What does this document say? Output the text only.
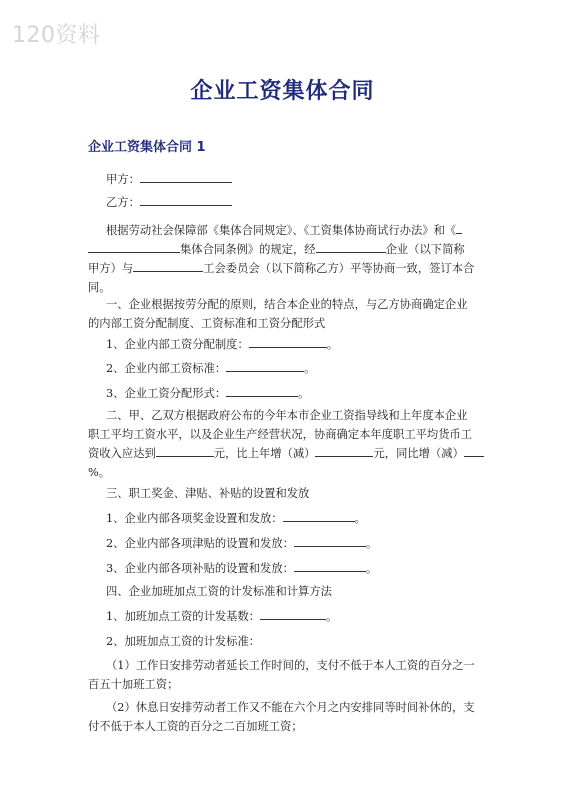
120资料
企业工资集体合同
企业工资集体合同 1
甲方：
乙方：
根据劳动社会保障部《集体合同规定》、《工资集体协商试行办法》和《
集体合同条例》的规定，经	企业（以下简称
甲方）与	工会委员会（以下简称乙方）平等协商一致，签订本合
同。
一、企业根据按劳分配的原则，结合本企业的特点，与乙方协商确定企业
的内部工资分配制度、工资标准和工资分配形式
1、企业内部工资分配制度：	。
2、企业内部工资标准：	。
3、企业工资分配形式：	。
二、甲、乙双方根据政府公布的今年本市企业工资指导线和上年度本企业
职工平均工资水平，以及企业生产经营状况，协商确定本年度职工平均货币工
资收入应达到	元，比上年增（减）	元，同比增（减）
%。
三、职工奖金、津贴、补贴的设置和发放
1、企业内部各项奖金设置和发放：	。
2、企业内部各项津贴的设置和发放：	。
3、企业内部各项补贴的设置和发放：	。
四、企业加班加点工资的计发标准和计算方法
1、加班加点工资的计发基数：	。
2、加班加点工资的计发标准：
（1）工作日安排劳动者延长工作时间的，支付不低于本人工资的百分之一
百五十加班工资；
（2）休息日安排劳动者工作又不能在六个月之内安排同等时间补休的，支
付不低于本人工资的百分之二百加班工资；
